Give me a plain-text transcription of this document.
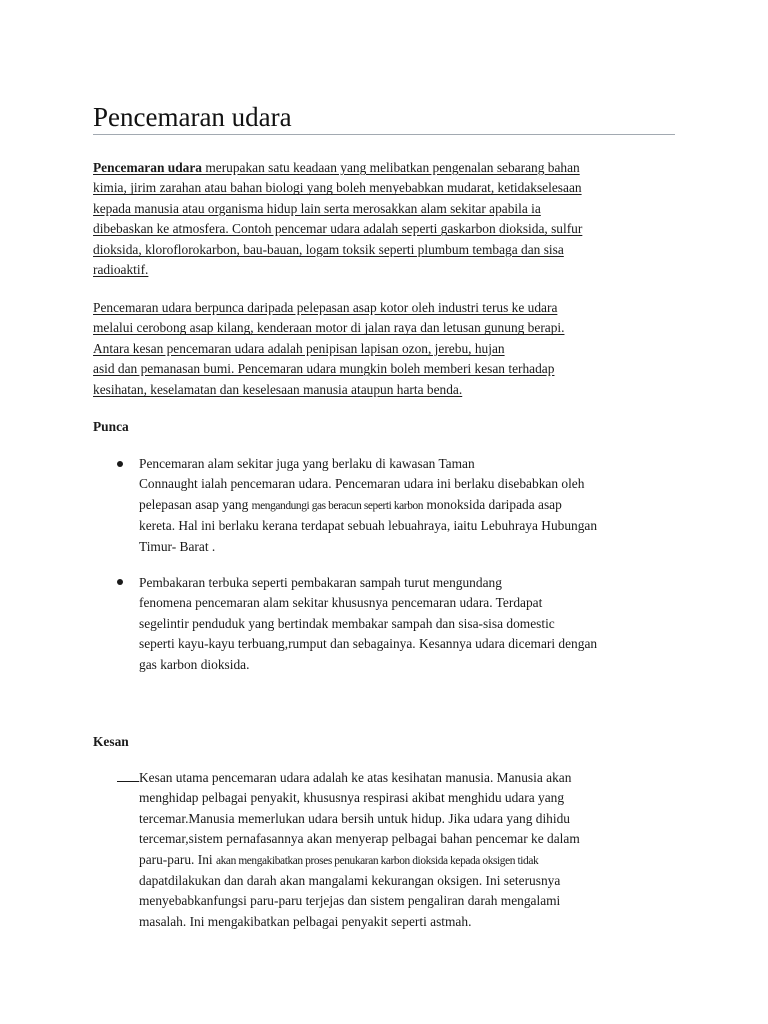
Pencemaran udara
Pencemaran udara merupakan satu keadaan yang melibatkan pengenalan sebarang bahan
kimia, jirim zarahan atau bahan biologi yang boleh menyebabkan mudarat, ketidakselesaan
kepada manusia atau organisma hidup lain serta merosakkan alam sekitar apabila ia
dibebaskan ke atmosfera. Contoh pencemar udara adalah seperti gaskarbon dioksida, sulfur
dioksida, kloroflorokarbon, bau-bauan, logam toksik seperti plumbum tembaga dan sisa
radioaktif.
Pencemaran udara berpunca daripada pelepasan asap kotor oleh industri terus ke udara
melalui cerobong asap kilang, kenderaan motor di jalan raya dan letusan gunung berapi.
Antara kesan pencemaran udara adalah penipisan lapisan ozon, jerebu, hujan
asid dan pemanasan bumi. Pencemaran udara mungkin boleh memberi kesan terhadap
kesihatan, keselamatan dan keselesaan manusia ataupun harta benda.
Punca
Pencemaran alam sekitar juga yang berlaku di kawasan Taman
Connaught ialah pencemaran udara. Pencemaran udara ini berlaku disebabkan oleh
pelepasan asap yang mengandungi gas beracun seperti karbon monoksida daripada asap
kereta. Hal ini berlaku kerana terdapat sebuah lebuahraya, iaitu Lebuhraya Hubungan
Timur- Barat .
Pembakaran terbuka seperti pembakaran sampah turut mengundang
fenomena pencemaran alam sekitar khususnya pencemaran udara. Terdapat
segelintir penduduk yang bertindak membakar sampah dan sisa-sisa domestic
seperti kayu-kayu terbuang,rumput dan sebagainya. Kesannya udara dicemari dengan
gas karbon dioksida.
Kesan
Kesan utama pencemaran udara adalah ke atas kesihatan manusia. Manusia akan
menghidap pelbagai penyakit, khususnya respirasi akibat menghidu udara yang
tercemar.Manusia memerlukan udara bersih untuk hidup. Jika udara yang dihidu
tercemar,sistem pernafasannya akan menyerap pelbagai bahan pencemar ke dalam
paru-paru. Ini akan mengakibatkan proses penukaran karbon dioksida kepada oksigen tidak
dapatdilakukan dan darah akan mangalami kekurangan oksigen. Ini seterusnya
menyebabkanfungsi paru-paru terjejas dan sistem pengaliran darah mengalami
masalah. Ini mengakibatkan pelbagai penyakit seperti astmah.
